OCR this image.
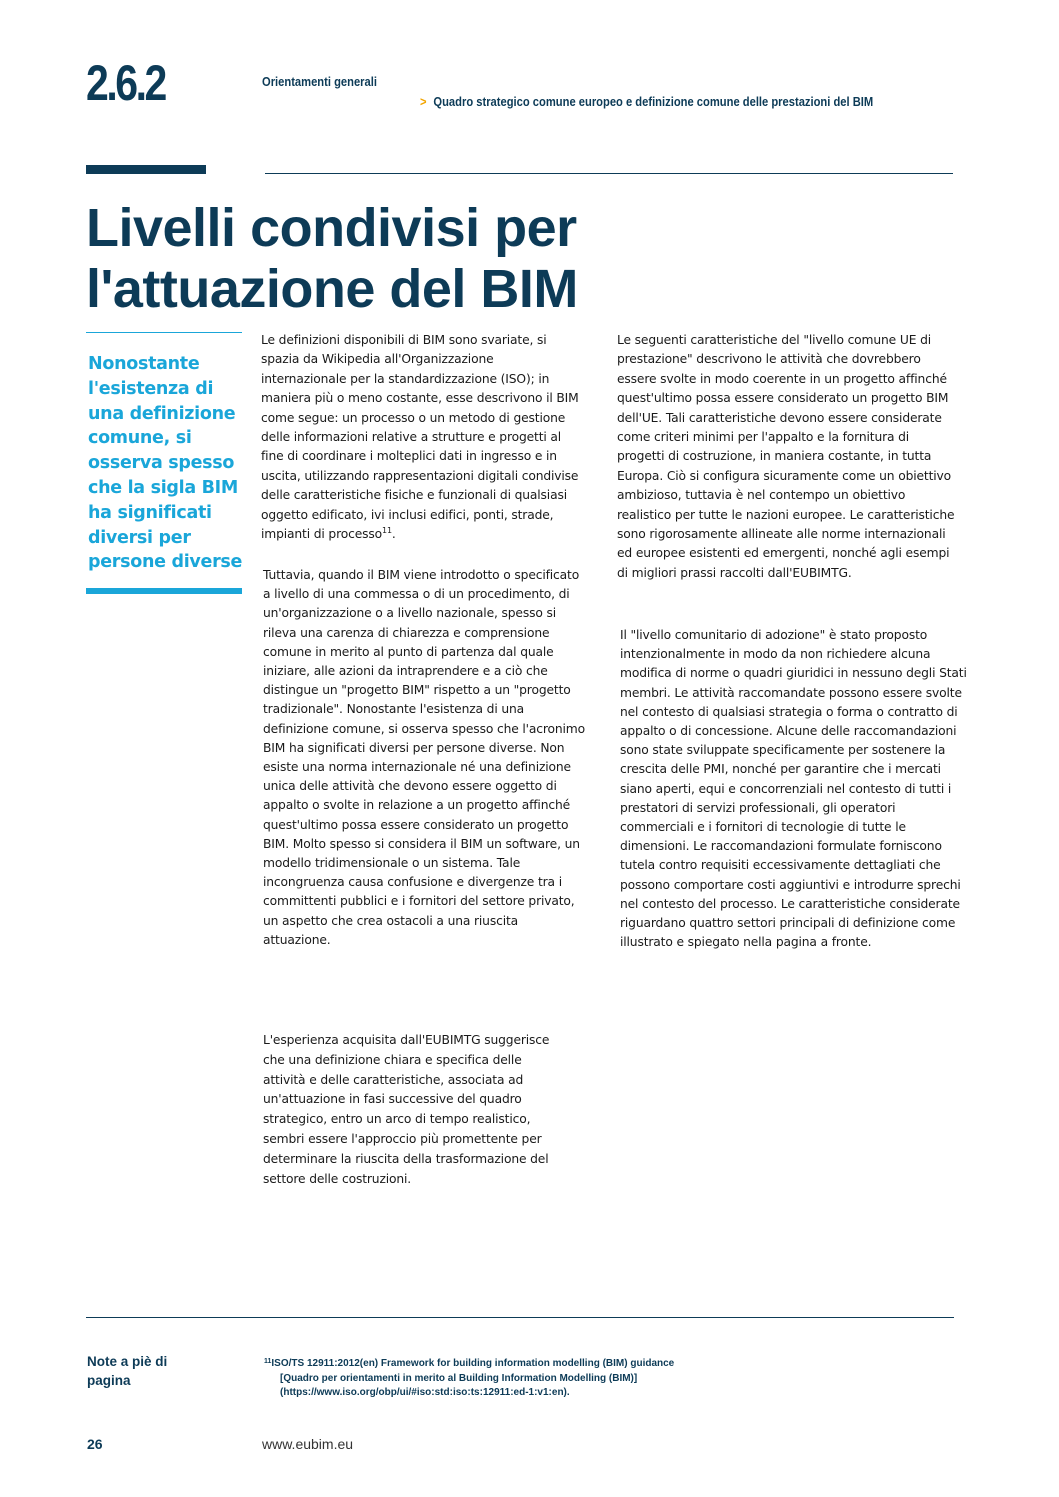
2.6.2	Orientamenti generali
> Quadro strategico comune europeo e definizione comune delle prestazioni del BIM
Livelli condivisi per l'attuazione del BIM
Nonostante l'esistenza di una definizione comune, si osserva spesso che la sigla BIM ha significati diversi per persone diverse
Le definizioni disponibili di BIM sono svariate, si spazia da Wikipedia all'Organizzazione internazionale per la standardizzazione (ISO); in maniera più o meno costante, esse descrivono il BIM come segue: un processo o un metodo di gestione delle informazioni relative a strutture e progetti al fine di coordinare i molteplici dati in ingresso e in uscita, utilizzando rappresentazioni digitali condivise delle caratteristiche fisiche e funzionali di qualsiasi oggetto edificato, ivi inclusi edifici, ponti, strade, impianti di processo$^{11}$.
Tuttavia, quando il BIM viene introdotto o specificato a livello di una commessa o di un procedimento, di un'organizzazione o a livello nazionale, spesso si rileva una carenza di chiarezza e comprensione comune in merito al punto di partenza dal quale iniziare, alle azioni da intraprendere e a ciò che distingue un "progetto BIM" rispetto a un "progetto tradizionale". Nonostante l'esistenza di una definizione comune, si osserva spesso che l'acronimo BIM ha significati diversi per persone diverse. Non esiste una norma internazionale né una definizione unica delle attività che devono essere oggetto di appalto o svolte in relazione a un progetto affinché quest'ultimo possa essere considerato un progetto BIM. Molto spesso si considera il BIM un software, un modello tridimensionale o un sistema. Tale incongruenza causa confusione e divergenze tra i committenti pubblici e i fornitori del settore privato, un aspetto che crea ostacoli a una riuscita attuazione.
L'esperienza acquisita dall'EUBIMTG suggerisce che una definizione chiara e specifica delle attività e delle caratteristiche, associata ad un'attuazione in fasi successive del quadro strategico, entro un arco di tempo realistico, sembri essere l'approccio più promettente per determinare la riuscita della trasformazione del settore delle costruzioni.
Le seguenti caratteristiche del "livello comune UE di prestazione" descrivono le attività che dovrebbero essere svolte in modo coerente in un progetto affinché quest'ultimo possa essere considerato un progetto BIM dell'UE. Tali caratteristiche devono essere considerate come criteri minimi per l'appalto e la fornitura di progetti di costruzione, in maniera costante, in tutta Europa. Ciò si configura sicuramente come un obiettivo ambizioso, tuttavia è nel contempo un obiettivo realistico per tutte le nazioni europee. Le caratteristiche sono rigorosamente allineate alle norme internazionali ed europee esistenti ed emergenti, nonché agli esempi di migliori prassi raccolti dall'EUBIMTG.
Il "livello comunitario di adozione" è stato proposto intenzionalmente in modo da non richiedere alcuna modifica di norme o quadri giuridici in nessuno degli Stati membri. Le attività raccomandate possono essere svolte nel contesto di qualsiasi strategia o forma o contratto di appalto o di concessione. Alcune delle raccomandazioni sono state sviluppate specificamente per sostenere la crescita delle PMI, nonché per garantire che i mercati siano aperti, equi e concorrenziali nel contesto di tutti i prestatori di servizi professionali, gli operatori commerciali e i fornitori di tecnologie di tutte le dimensioni. Le raccomandazioni formulate forniscono tutela contro requisiti eccessivamente dettagliati che possono comportare costi aggiuntivi e introdurre sprechi nel contesto del processo. Le caratteristiche considerate riguardano quattro settori principali di definizione come illustrato e spiegato nella pagina a fronte.
Note a piè di pagina
$^{11}$ISO/TS 12911:2012(en) Framework for building information modelling (BIM) guidance
[Quadro per orientamenti in merito al Building Information Modelling (BIM)](https://www.iso.org/obp/ui/#iso:std:iso:ts:12911:ed-1:v1:en).
26	www.eubim.eu
